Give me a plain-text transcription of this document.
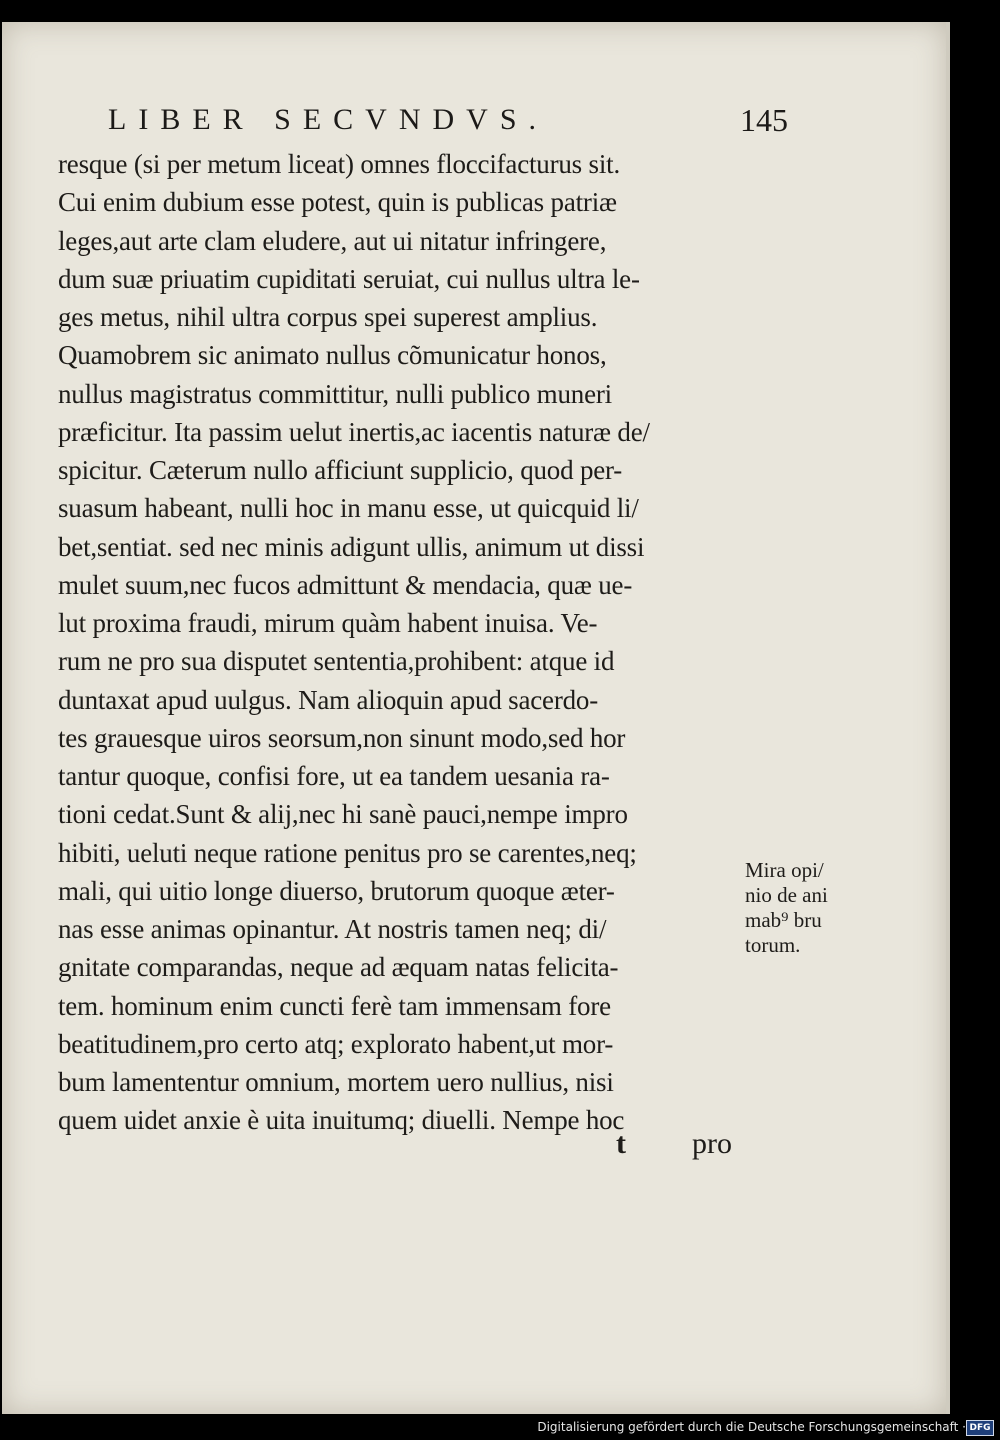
LIBER SECVNDVS.	145
resque (si per metum liceat) omnes floccifacturus sit.
Cui enim dubium esse potest, quin is publicas patriæ
leges,aut arte clam eludere, aut ui nitatur infringere,
dum suæ priuatim cupiditati seruiat, cui nullus ultra le-
ges metus, nihil ultra corpus spei superest amplius.
Quamobrem sic animato nullus cõmunicatur honos,
nullus magistratus committitur, nulli publico muneri
præficitur. Ita passim uelut inertis,ac iacentis naturæ de/
spicitur. Cæterum nullo afficiunt supplicio, quod per-
suasum habeant, nulli hoc in manu esse, ut quicquid li/
bet,sentiat. sed nec minis adigunt ullis, animum ut dissi
mulet suum,nec fucos admittunt & mendacia, quæ ue-
lut proxima fraudi, mirum quàm habent inuisa. Ve-
rum ne pro sua disputet sententia,prohibent: atque id
duntaxat apud uulgus. Nam alioquin apud sacerdo-
tes grauesque uiros seorsum,non sinunt modo,sed hor
tantur quoque, confisi fore, ut ea tandem uesania ra-
tioni cedat.Sunt & alij,nec hi sanè pauci,nempe impro
hibiti, ueluti neque ratione penitus pro se carentes,neq;
mali, qui uitio longe diuerso, brutorum quoque æter-
nas esse animas opinantur. At nostris tamen neq; di/
gnitate comparandas, neque ad æquam natas felicita-
tem. hominum enim cuncti ferè tam immensam fore
beatitudinem,pro certo atq; explorato habent,ut mor-
bum lamententur omnium, mortem uero nullius, nisi
quem uidet anxie è uita inuitumq; diuelli. Nempe hoc
Mira opi/
nio de ani
mab⁹ bru
torum.
t pro
Digitalisierung gefördert durch die Deutsche Forschungsgemeinschaft · DFG
